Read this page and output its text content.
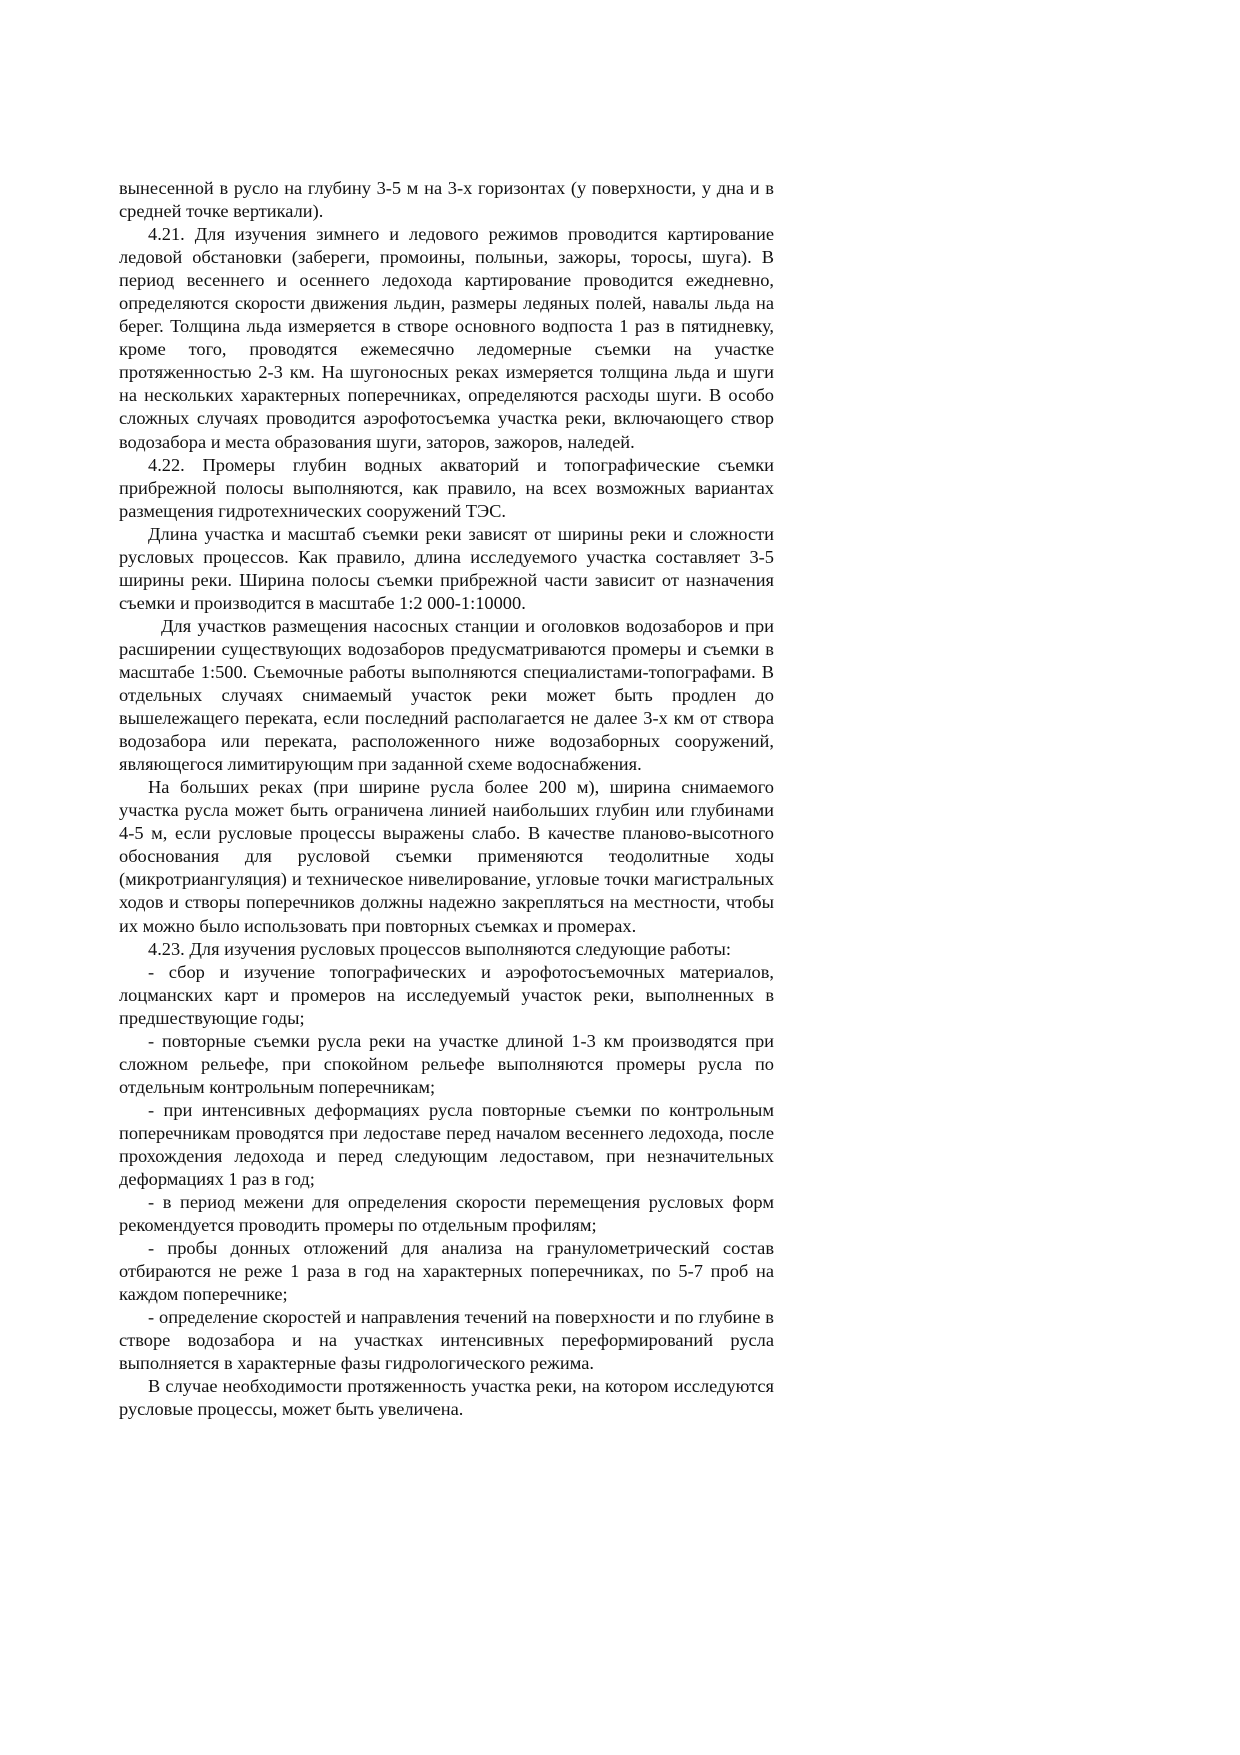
вынесенной в русло на глубину 3-5 м на 3-х горизонтах (у поверхности, у дна и в средней точке вертикали).

4.21. Для изучения зимнего и ледового режимов проводится картирование ледовой обстановки (забереги, промоины, полыньи, зажоры, торосы, шуга). В период весеннего и осеннего ледохода картирование проводится ежедневно, определяются скорости движения льдин, размеры ледяных полей, навалы льда на берег. Толщина льда измеряется в створе основного водпоста 1 раз в пятидневку, кроме того, проводятся ежемесячно ледомерные съемки на участке протяженностью 2-3 км. На шугоносных реках измеряется толщина льда и шуги на нескольких характерных поперечниках, определяются расходы шуги. В особо сложных случаях проводится аэрофотосъемка участка реки, включающего створ водозабора и места образования шуги, заторов, зажоров, наледей.

4.22. Промеры глубин водных акваторий и топографические съемки прибрежной полосы выполняются, как правило, на всех возможных вариантах размещения гидротехнических сооружений ТЭС.

Длина участка и масштаб съемки реки зависят от ширины реки и сложности русловых процессов. Как правило, длина исследуемого участка составляет 3-5 ширины реки. Ширина полосы съемки прибрежной части зависит от назначения съемки и производится в масштабе 1:2 000-1:10000.

Для участков размещения насосных станции и оголовков водозаборов и при расширении существующих водозаборов предусматриваются промеры и съемки в масштабе 1:500. Съемочные работы выполняются специалистами-топографами. В отдельных случаях снимаемый участок реки может быть продлен до вышележащего переката, если последний располагается не далее 3-х км от створа водозабора или переката, расположенного ниже водозаборных сооружений, являющегося лимитирующим при заданной схеме водоснабжения.

На больших реках (при ширине русла более 200 м), ширина снимаемого участка русла может быть ограничена линией наибольших глубин или глубинами 4-5 м, если русловые процессы выражены слабо. В качестве планово-высотного обоснования для русловой съемки применяются теодолитные ходы (микротриангуляция) и техническое нивелирование, угловые точки магистральных ходов и створы поперечников должны надежно закрепляться на местности, чтобы их можно было использовать при повторных съемках и промерах.

4.23. Для изучения русловых процессов выполняются следующие работы:

- сбор и изучение топографических и аэрофотосъемочных материалов, лоцманских карт и промеров на исследуемый участок реки, выполненных в предшествующие годы;

- повторные съемки русла реки на участке длиной 1-3 км производятся при сложном рельефе, при спокойном рельефе выполняются промеры русла по отдельным контрольным поперечникам;

- при интенсивных деформациях русла повторные съемки по контрольным поперечникам проводятся при ледоставе перед началом весеннего ледохода, после прохождения ледохода и перед следующим ледоставом, при незначительных деформациях 1 раз в год;

- в период межени для определения скорости перемещения русловых форм рекомендуется проводить промеры по отдельным профилям;

- пробы донных отложений для анализа на гранулометрический состав отбираются не реже 1 раза в год на характерных поперечниках, по 5-7 проб на каждом поперечнике;

- определение скоростей и направления течений на поверхности и по глубине в створе водозабора и на участках интенсивных переформирований русла выполняется в характерные фазы гидрологического режима.

В случае необходимости протяженность участка реки, на котором исследуются русловые процессы, может быть увеличена.
